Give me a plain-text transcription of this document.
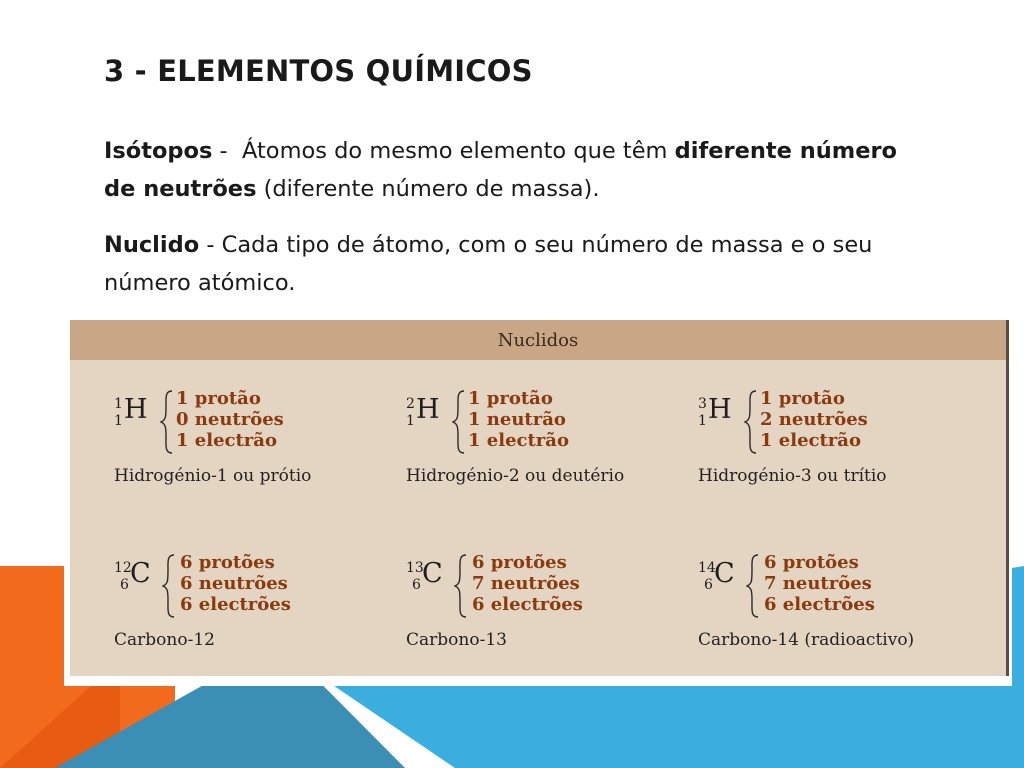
3 - ELEMENTOS QUÍMICOS

Isótopos -  Átomos do mesmo elemento que têm diferente número de neutrões (diferente número de massa).

Nuclido - Cada tipo de átomo, com o seu número de massa e o seu número atómico.

Nuclidos
1
1 H 1 protão
0 neutrões
1 electrão
Hidrogénio-1 ou prótio
2
1 H 1 protão
1 neutrão
1 electrão
Hidrogénio-2 ou deutério
3
1 H 1 protão
2 neutrões
1 electrão
Hidrogénio-3 ou trítio
12
6 C 6 protões
6 neutrões
6 electrões
Carbono-12
13
6 C 6 protões
7 neutrões
6 electrões
Carbono-13
14
6 C 6 protões
7 neutrões
6 electrões
Carbono-14 (radioactivo)
